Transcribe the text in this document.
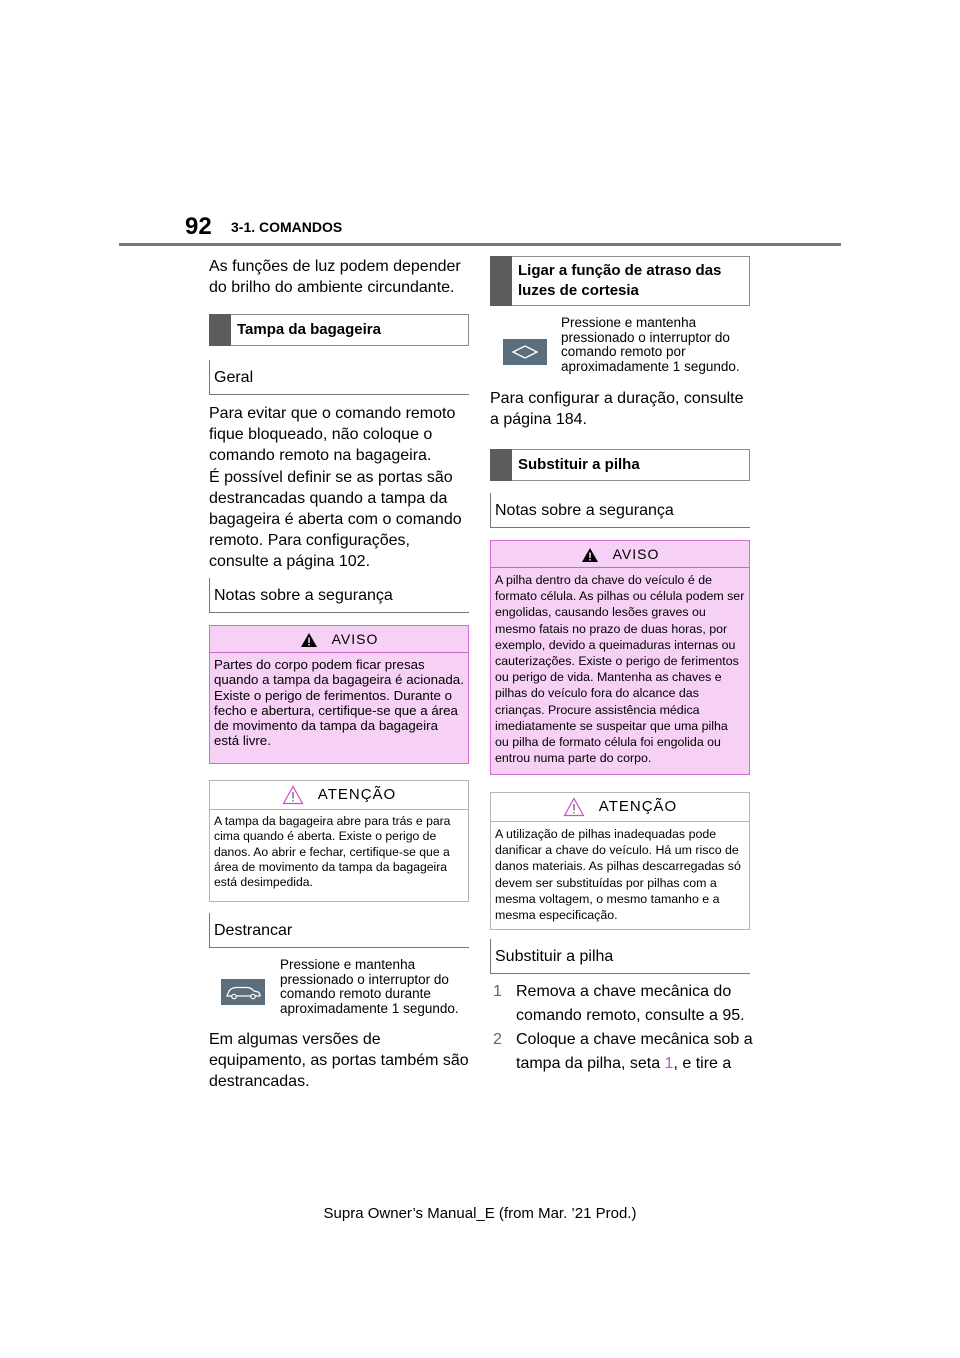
92 3-1. COMANDOS
As funções de luz podem depender do brilho do ambiente circundante.
Tampa da bagageira
Geral
Para evitar que o comando remoto fique bloqueado, não coloque o comando remoto na bagageira.
É possível definir se as portas são destrancadas quando a tampa da bagageira é aberta com o comando remoto. Para configurações, consulte a página 102.
Notas sobre a segurança
AVISO
Partes do corpo podem ficar presas quando a tampa da bagageira é acionada. Existe o perigo de ferimentos. Durante o fecho e abertura, certifique-se que a área de movimento da tampa da bagageira está livre.
ATENÇÃO
A tampa da bagageira abre para trás e para cima quando é aberta. Existe o perigo de danos. Ao abrir e fechar, certifique-se que a área de movimento da tampa da bagageira está desimpedida.
Destrancar
Pressione e mantenha pressionado o interruptor do comando remoto durante aproximadamente 1 segundo.
Em algumas versões de equipamento, as portas também são destrancadas.
Ligar a função de atraso das luzes de cortesia
Pressione e mantenha pressionado o interruptor do comando remoto por aproximadamente 1 segundo.
Para configurar a duração, consulte a página 184.
Substituir a pilha
Notas sobre a segurança
AVISO
A pilha dentro da chave do veículo é de formato célula. As pilhas ou célula podem ser engolidas, causando lesões graves ou mesmo fatais no prazo de duas horas, por exemplo, devido a queimaduras internas ou cauterizações. Existe o perigo de ferimentos ou perigo de vida. Mantenha as chaves e pilhas do veículo fora do alcance das crianças. Procure assistência médica imediatamente se suspeitar que uma pilha ou pilha de formato célula foi engolida ou entrou numa parte do corpo.
ATENÇÃO
A utilização de pilhas inadequadas pode danificar a chave do veículo. Há um risco de danos materiais. As pilhas descarregadas só devem ser substituídas por pilhas com a mesma voltagem, o mesmo tamanho e a mesma especificação.
Substituir a pilha
1 Remova a chave mecânica do comando remoto, consulte a 95.
2 Coloque a chave mecânica sob a tampa da pilha, seta 1, e tire a
Supra Owner’s Manual_E (from Mar. ’21 Prod.)
